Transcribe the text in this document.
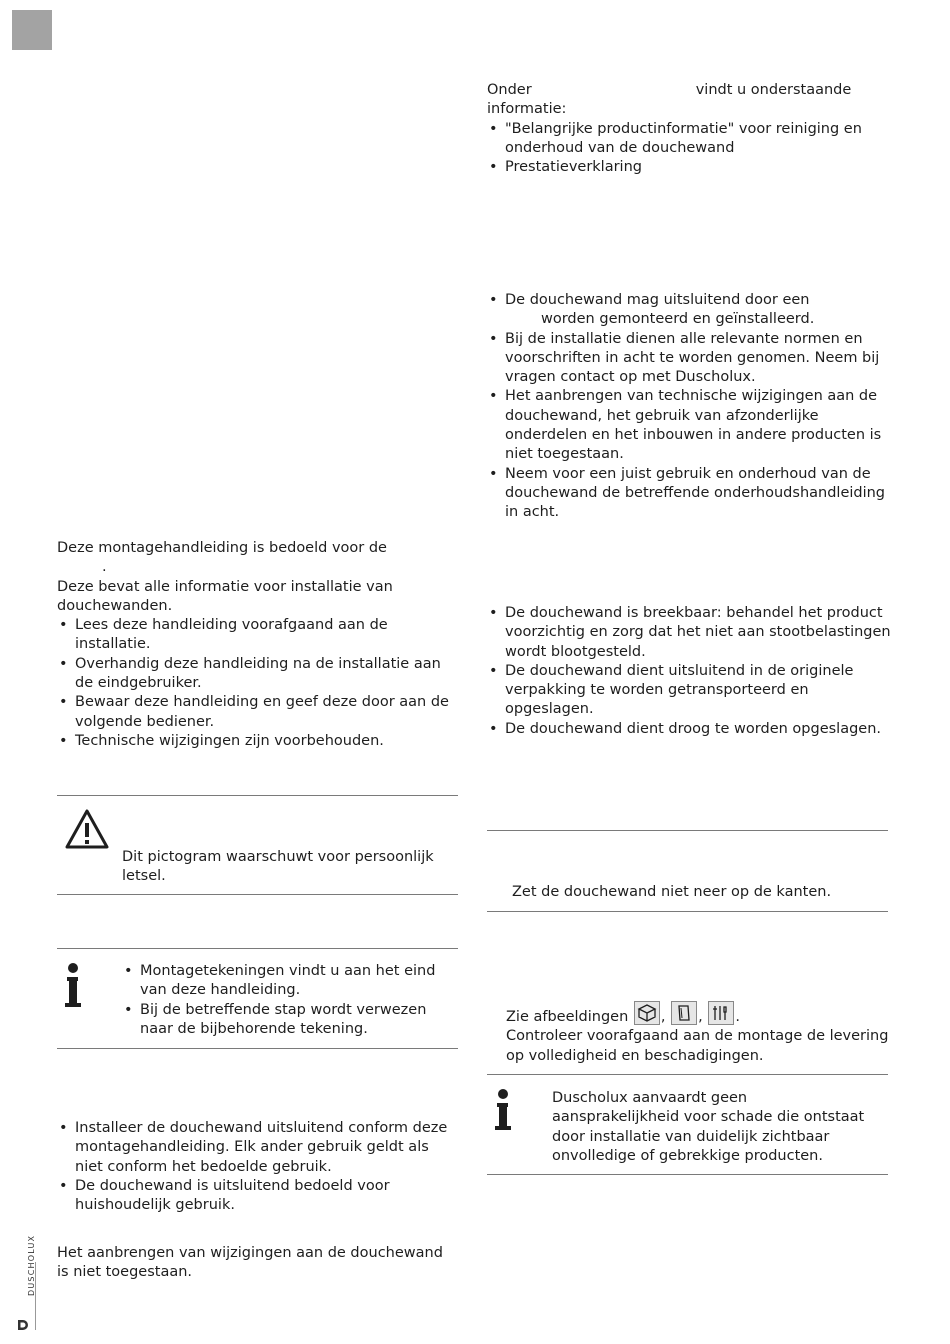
Deze montagehandleiding is bedoeld voor de

.

Deze bevat alle informatie voor installatie van douchewanden.

• Lees deze handleiding voorafgaand aan de installatie.
• Overhandig deze handleiding na de installatie aan de eindgebruiker.
• Bewaar deze handleiding en geef deze door aan de volgende bediener.
• Technische wijzigingen zijn voorbehouden.

Dit pictogram waarschuwt voor persoonlijk letsel.

• Montagetekeningen vindt u aan het eind van deze handleiding.
• Bij de betreffende stap wordt verwezen naar de bijbehorende tekening.
• Installeer de douchewand uitsluitend conform deze montagehandleiding. Elk ander gebruik geldt als niet conform het bedoelde gebruik.
• De douchewand is uitsluitend bedoeld voor huishoudelijk gebruik.

Het aanbrengen van wijzigingen aan de douchewand is niet toegestaan.

Onder	vindt u onderstaande

informatie:

• "Belangrijke productinformatie" voor reiniging en onderhoud van de douchewand
• Prestatieverklaring
• De douchewand mag uitsluitend door een
worden gemonteerd en geïnstalleerd.
• Bij de installatie dienen alle relevante normen en voorschriften in acht te worden genomen. Neem bij vragen contact op met Duscholux.
• Het aanbrengen van technische wijzigingen aan de douchewand, het gebruik van afzonderlijke onderdelen en het inbouwen in andere producten is niet toegestaan.
• Neem voor een juist gebruik en onderhoud van de douchewand de betreffende onderhoudshandleiding in acht.
• De douchewand is breekbaar: behandel het product voorzichtig en zorg dat het niet aan stootbelastingen wordt blootgesteld.
• De douchewand dient uitsluitend in de originele verpakking te worden getransporteerd en opgeslagen.
• De douchewand dient droog te worden opgeslagen.

Zet de douchewand niet neer op de kanten.

Zie afbeeldingen , , .

Controleer voorafgaand aan de montage de levering op volledigheid en beschadigingen.

Duscholux aanvaardt geen aansprakelijkheid voor schade die ontstaat door installatie van duidelijk zichtbaar onvolledige of gebrekkige producten.

DUSCHOLUX
